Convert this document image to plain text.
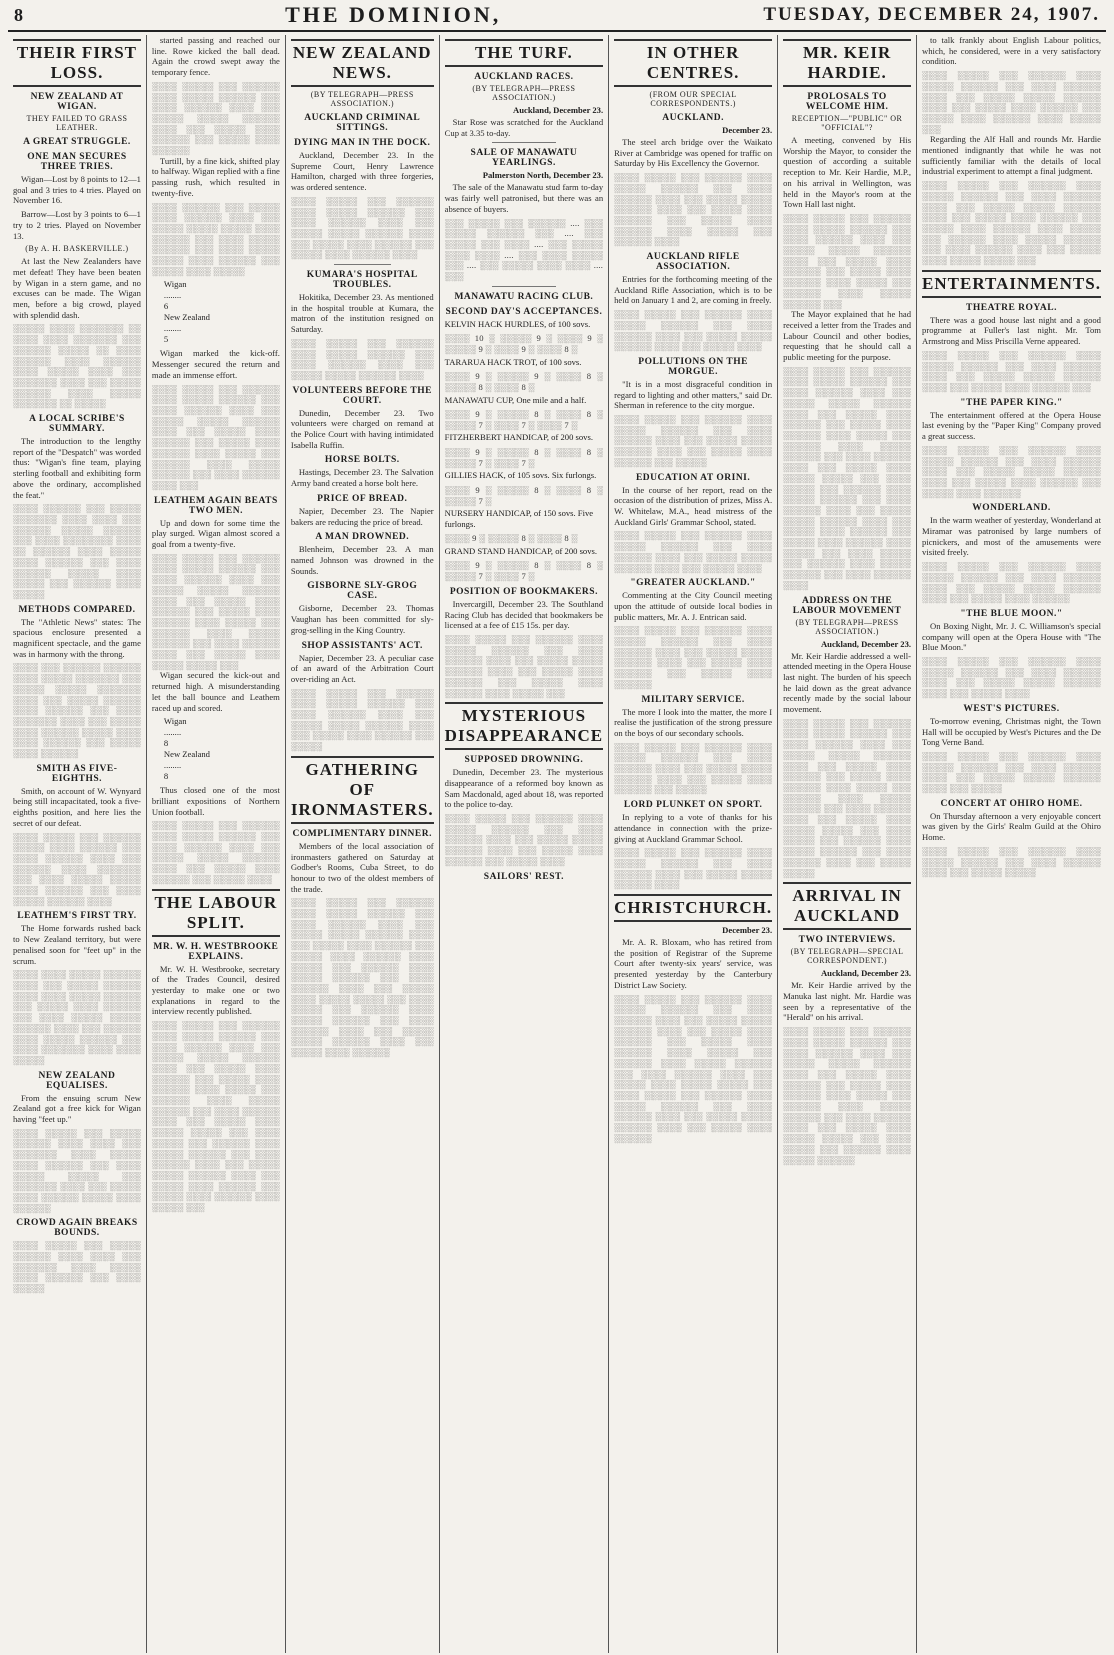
8	THE DOMINION,	TUESDAY, DECEMBER 24, 1907.
THEIR FIRST LOSS.
NEW ZEALAND AT WIGAN.
THEY FAILED TO GRASS LEATHER.
A GREAT STRUGGLE.
ONE MAN SECURES THREE TRIES.

Wigan—Lost by 8 points to 12—1 goal and 3 tries to 4 tries. Played on November 16.

Barrow—Lost by 3 points to 6—1 try to 2 tries. Played on November 13.

(By A. H. BASKERVILLE.)

At last the New Zealanders have met defeat! They have been beaten by Wigan in a stern game, and no excuses can be made. The Wigan men, before a big crowd, played with splendid dash.

░░░░░ ░░░░ ░░░░░░░ ░░ ░░░░ ░░░░ ░░░░░░░ ░░░ ░░░░░░ ░░░░░ ░░ ░░░░ ░░░░░░ ░░░░ ░░░░░░ ░░░░ ░░░░░ ░░░░ ░░░ ░░░░░░░ ░░░░ ░░░ ░░░░░ ░░░░░░ ░░░░ ░░░░░ ░░░░░░░ ░░ ░░░░░
A LOCAL SCRIBE'S SUMMARY.

The introduction to the lengthy report of the "Despatch" was worded thus: "Wigan's fine team, playing sterling football and exhibiting form above the ordinary, accomplished the feat."

░░░░ ░░░░░░ ░░░ ░░░░░ ░░░░░░░ ░░░░ ░░░░ ░░░ ░░░░░░ ░░░░░ ░░░░░░ ░░░ ░░░░ ░░░░░░░░ ░░░░ ░░ ░░░░░░ ░░░░ ░░░░░ ░░░░ ░░░░░░ ░░░ ░░░░ ░░░░░░ ░░░░░ ░░░░ ░░░░░ ░░░ ░░░░░░ ░░░░ ░░░░░
METHODS COMPARED.

The "Athletic News" states: The spacious enclosure presented a magnificent spectacle, and the game was in harmony with the throng.

░░░░ ░░░ ░░░░░░ ░░░░░░ ░░░░ ░░░░░ ░░░░░░░ ░░░ ░░░░░ ░░░░░ ░░░░░░░ ░░░░ ░░░ ░░░░░ ░░░░░░ ░░░░ ░░░░░░ ░░░ ░░░░ ░░░░░░░ ░░░░ ░░░ ░░░░░ ░░░░ ░░░░░░ ░░░░░ ░░░░ ░░░░ ░░░░░░ ░░░ ░░░░░ ░░░░ ░░░░░░
SMITH AS FIVE-EIGHTHS.

Smith, on account of W. Wynyard being still incapacitated, took a five-eighths position, and here lies the secret of our defeat.

░░░░ ░░░░░ ░░░ ░░░░░░ ░░░░░ ░░░░ ░░░░░░ ░░░ ░░░░ ░░░░░░ ░░░░ ░░░ ░░░░░░ ░░░░ ░░░░░░░ ░░░ ░░░░ ░░░░░ ░░░░░ ░░░░ ░░░░░░ ░░░ ░░░░ ░░░░░ ░░░░░░ ░░░░
LEATHEM'S FIRST TRY.

The Home forwards rushed back to New Zealand territory, but were penalised soon for "feet up" in the scrum.

░░░░ ░░░░ ░░░░░ ░░░░░░ ░░░░ ░░░ ░░░░░ ░░░░░░ ░░░░ ░░░░ ░░░░░ ░░░░░░ ░░░ ░░░░░ ░░░░ ░░░░░░ ░░░ ░░░░ ░░░░░ ░░░░░ ░░░░░░ ░░░░ ░░░ ░░░░░░ ░░░░ ░░░░░ ░░░░░░ ░░░ ░░░░ ░░░░░░░ ░░░░ ░░░░ ░░░░░
NEW ZEALAND EQUALISES.

From the ensuing scrum New Zealand got a free kick for Wigan having "feet up."

░░░░ ░░░░░ ░░░ ░░░░░ ░░░░░░ ░░░░ ░░░░ ░░░ ░░░░░░░ ░░░░ ░░░░░ ░░░░ ░░░░░░ ░░░ ░░░░ ░░░░░ ░░░░░ ░░░ ░░░░░░░ ░░░░ ░░░ ░░░░░ ░░░░ ░░░░░░ ░░░░░ ░░░░ ░░░░░░
CROWD AGAIN BREAKS BOUNDS.
░░░░ ░░░░░ ░░░ ░░░░░ ░░░░░░ ░░░░ ░░░░ ░░░ ░░░░░░░ ░░░░ ░░░░░ ░░░░ ░░░░░░ ░░░ ░░░░ ░░░░░

started passing and reached our line. Rowe kicked the ball dead. Again the crowd swept away the temporary fence.

░░░░ ░░░░░ ░░░ ░░░░░░ ░░░░ ░░░░░ ░░░░░░ ░░░ ░░░░ ░░░░░░ ░░░░ ░░░ ░░░░░ ░░░░░ ░░░░░░ ░░░░ ░░░ ░░░░░ ░░░░ ░░░░░░ ░░░ ░░░░░ ░░░░ ░░░░░░

Turtill, by a fine kick, shifted play to halfway. Wigan replied with a fine passing rush, which resulted in twenty-five.

░░░░ ░░░░░░ ░░░ ░░░░░ ░░░░ ░░░░░░ ░░░░ ░░░ ░░░░░ ░░░░░ ░░░░░ ░░░░ ░░░░░░ ░░░ ░░░░ ░░░░░ ░░░░░░ ░░░ ░░░░ ░░░░░ ░░░░░ ░░░░ ░░░░░░ ░░░ ░░░░░ ░░░░ ░░░░░
Wigan
........
6
New Zealand
........
5

Wigan marked the kick-off. Messenger secured the return and made an immense effort.

░░░░ ░░░░░ ░░░ ░░░░░░ ░░░░ ░░░░░ ░░░░░░ ░░░ ░░░░ ░░░░░░ ░░░░ ░░░ ░░░░░ ░░░░░ ░░░░░░ ░░░░ ░░░ ░░░░░ ░░░░ ░░░░░░ ░░░ ░░░░░ ░░░░ ░░░░░░ ░░░░ ░░░░░ ░░░ ░░░░░░ ░░░░ ░░░░░ ░░░░░░ ░░░ ░░░░ ░░░░░░ ░░░░ ░░░
LEATHEM AGAIN BEATS TWO MEN.

Up and down for some time the play surged. Wigan almost scored a goal from a twenty-five.

░░░░ ░░░░░ ░░░ ░░░░░░ ░░░░ ░░░░░ ░░░░░░ ░░░ ░░░░ ░░░░░░ ░░░░ ░░░ ░░░░░ ░░░░░ ░░░░░░ ░░░░ ░░░ ░░░░░ ░░░░ ░░░░░░ ░░░ ░░░░░ ░░░░ ░░░░░░ ░░░░ ░░░░░ ░░░ ░░░░░░ ░░░░ ░░░░░ ░░░░░░ ░░░ ░░░░ ░░░░░░ ░░░░ ░░░ ░░░░░ ░░░░ ░░░░░ ░░░░░ ░░░

Wigan secured the kick-out and returned high. A misunderstanding let the ball bounce and Leathem raced up and scored.

Wigan
........
8
New Zealand
........
8

Thus closed one of the most brilliant expositions of Northern Union football.

░░░░ ░░░░░ ░░░ ░░░░░░ ░░░░ ░░░░░ ░░░░░░ ░░░ ░░░░ ░░░░░░ ░░░░ ░░░ ░░░░░ ░░░░░ ░░░░░░ ░░░░ ░░░ ░░░░░ ░░░░ ░░░░░░ ░░░ ░░░░░ ░░░░
THE LABOUR SPLIT.
MR. W. H. WESTBROOKE EXPLAINS.

Mr. W. H. Westbrooke, secretary of the Trades Council, desired yesterday to make one or two explanations in regard to the interview recently published.

░░░░ ░░░░░ ░░░ ░░░░░░ ░░░░ ░░░░░ ░░░░░░ ░░░ ░░░░ ░░░░░░ ░░░░ ░░░ ░░░░░ ░░░░░ ░░░░░░ ░░░░ ░░░ ░░░░░ ░░░░ ░░░░░░ ░░░ ░░░░░ ░░░░ ░░░░░░ ░░░░ ░░░░░ ░░░ ░░░░░░ ░░░░ ░░░░░ ░░░░░░ ░░░ ░░░░ ░░░░░░ ░░░░ ░░░ ░░░░░ ░░░░ ░░░░░ ░░░░░ ░░░ ░░░░ ░░░░░ ░░░ ░░░░░░ ░░░░ ░░░░░ ░░░░░░ ░░░ ░░░░ ░░░░░░ ░░░░ ░░░ ░░░░░ ░░░░░ ░░░░░░ ░░░░ ░░░ ░░░░░ ░░░░ ░░░░░░ ░░░ ░░░░░ ░░░░ ░░░░░░ ░░░░ ░░░░░ ░░░
NEW ZEALAND NEWS.
(BY TELEGRAPH—PRESS ASSOCIATION.)
AUCKLAND CRIMINAL SITTINGS.
DYING MAN IN THE DOCK.

Auckland, December 23. In the Supreme Court, Henry Lawrence Hamilton, charged with three forgeries, was ordered sentence.

░░░░ ░░░░░ ░░░ ░░░░░░ ░░░░ ░░░░░ ░░░░░░ ░░░ ░░░░ ░░░░░░ ░░░░ ░░░ ░░░░░ ░░░░░ ░░░░░░ ░░░░ ░░░ ░░░░░ ░░░░ ░░░░░░ ░░░ ░░░░░ ░░░░ ░░░░░░ ░░░░
KUMARA'S HOSPITAL TROUBLES.

Hokitika, December 23. As mentioned in the hospital trouble at Kumara, the matron of the institution resigned on Saturday.

░░░░ ░░░░░ ░░░ ░░░░░░ ░░░░ ░░░░░ ░░░░░░ ░░░ ░░░░ ░░░░░░ ░░░░ ░░░ ░░░░░ ░░░░░ ░░░░░░ ░░░░
VOLUNTEERS BEFORE THE COURT.

Dunedin, December 23. Two volunteers were charged on remand at the Police Court with having intimidated Isabella Ruffin.

HORSE BOLTS.

Hastings, December 23. The Salvation Army band created a horse bolt here.

PRICE OF BREAD.

Napier, December 23. The Napier bakers are reducing the price of bread.

A MAN DROWNED.

Blenheim, December 23. A man named Johnson was drowned in the Sounds.

GISBORNE SLY-GROG CASE.

Gisborne, December 23. Thomas Vaughan has been committed for sly-grog-selling in the King Country.

SHOP ASSISTANTS' ACT.

Napier, December 23. A peculiar case of an award of the Arbitration Court over-riding an Act.

░░░░ ░░░░░ ░░░ ░░░░░░ ░░░░ ░░░░░ ░░░░░░ ░░░ ░░░░ ░░░░░░ ░░░░ ░░░ ░░░░░ ░░░░░ ░░░░░░ ░░░░ ░░░ ░░░░░ ░░░░ ░░░░░░ ░░░ ░░░░░
GATHERING OF IRONMASTERS.
COMPLIMENTARY DINNER.

Members of the local association of ironmasters gathered on Saturday at Godber's Rooms, Cuba Street, to do honour to two of the oldest members of the trade.

░░░░ ░░░░░ ░░░ ░░░░░░ ░░░░ ░░░░░ ░░░░░░ ░░░ ░░░░ ░░░░░░ ░░░░ ░░░ ░░░░░ ░░░░░ ░░░░░░ ░░░░ ░░░ ░░░░░ ░░░░ ░░░░░░ ░░░ ░░░░░ ░░░░ ░░░░░░ ░░░░ ░░░░░ ░░░ ░░░░░░ ░░░░ ░░░░░ ░░░░░░ ░░░ ░░░░ ░░░░░░ ░░░░ ░░░ ░░░░░ ░░░░ ░░░░░ ░░░░░ ░░░ ░░░░ ░░░░░ ░░░ ░░░░░░ ░░░░ ░░░░░ ░░░░░░ ░░░ ░░░░ ░░░░░░ ░░░░ ░░░ ░░░░░ ░░░░░ ░░░░░░ ░░░░ ░░░ ░░░░░ ░░░░ ░░░░░░
THE TURF.
AUCKLAND RACES.
(BY TELEGRAPH—PRESS ASSOCIATION.)
Auckland, December 23.

Star Rose was scratched for the Auckland Cup at 3.35 to-day.

SALE OF MANAWATU YEARLINGS.
Palmerston North, December 23.

The sale of the Manawatu stud farm to-day was fairly well patronised, but there was an absence of buyers.

░░░ ░░░░░ ░░░ ░░░░░░ .... ░░░ ░░░░░ ░░░░░░ ░░░ .... ░░░ ░░░░░ ░░░ ░░░░ .... ░░░ ░░░░░ ░░░░ ░░░░ .... ░░░ ░░░░ ░░░░░ ░░░ .... ░░░ ░░░░░ ░░░░ ░░░░ .... ░░░
MANAWATU RACING CLUB.
SECOND DAY'S ACCEPTANCES.
KELVIN HACK HURDLES, of 100 sovs.
░░░░ 10 ░ ░░░░░ 9 ░ ░░░░ 9 ░ ░░░░░ 9 ░ ░░░░ 9 ░ ░░░░ 8 ░
TARARUA HACK TROT, of 100 sovs.
░░░░ 9 ░ ░░░░░ 9 ░ ░░░░ 8 ░ ░░░░░ 8 ░ ░░░░ 8 ░
MANAWATU CUP, One mile and a half.
░░░░ 9 ░ ░░░░░ 8 ░ ░░░░ 8 ░ ░░░░░ 7 ░ ░░░░ 7 ░ ░░░░ 7 ░
FITZHERBERT HANDICAP, of 200 sovs.
░░░░ 9 ░ ░░░░░ 8 ░ ░░░░ 8 ░ ░░░░░ 7 ░ ░░░░ 7 ░
GILLIES HACK, of 105 sovs. Six furlongs.
░░░░ 9 ░ ░░░░░ 8 ░ ░░░░ 8 ░ ░░░░░ 7 ░
NURSERY HANDICAP, of 150 sovs. Five furlongs.
░░░░ 9 ░ ░░░░░ 8 ░ ░░░░ 8 ░
GRAND STAND HANDICAP, of 200 sovs.
░░░░ 9 ░ ░░░░░ 8 ░ ░░░░ 8 ░ ░░░░░ 7 ░ ░░░░ 7 ░
POSITION OF BOOKMAKERS.

Invercargill, December 23. The Southland Racing Club has decided that bookmakers be licensed at a fee of £15 15s. per day.

░░░░ ░░░░░ ░░░ ░░░░░░ ░░░░ ░░░░░ ░░░░░░ ░░░ ░░░░ ░░░░░░ ░░░░ ░░░ ░░░░░ ░░░░░ ░░░░░░ ░░░░ ░░░ ░░░░░ ░░░░ ░░░░░░ ░░░ ░░░░░ ░░░░ ░░░░░░ ░░░░ ░░░░░ ░░░
MYSTERIOUS DISAPPEARANCE
SUPPOSED DROWNING.

Dunedin, December 23. The mysterious disappearance of a reformed boy known as Sam Macdonald, aged about 18, was reported to the police to-day.

░░░░ ░░░░░ ░░░ ░░░░░░ ░░░░ ░░░░░ ░░░░░░ ░░░ ░░░░ ░░░░░░ ░░░░ ░░░ ░░░░░ ░░░░░ ░░░░░░ ░░░░ ░░░ ░░░░░ ░░░░ ░░░░░░ ░░░ ░░░░░ ░░░░
SAILORS' REST.
IN OTHER CENTRES.
(FROM OUR SPECIAL CORRESPONDENTS.)
AUCKLAND.
December 23.

The steel arch bridge over the Waikato River at Cambridge was opened for traffic on Saturday by His Excellency the Governor.

░░░░ ░░░░░ ░░░ ░░░░░░ ░░░░ ░░░░░ ░░░░░░ ░░░ ░░░░ ░░░░░░ ░░░░ ░░░ ░░░░░ ░░░░░ ░░░░░░ ░░░░ ░░░ ░░░░░ ░░░░ ░░░░░░ ░░░ ░░░░░ ░░░░ ░░░░░░ ░░░░ ░░░░░ ░░░ ░░░░░░ ░░░░
AUCKLAND RIFLE ASSOCIATION.

Entries for the forthcoming meeting of the Auckland Rifle Association, which is to be held on January 1 and 2, are coming in freely.

░░░░ ░░░░░ ░░░ ░░░░░░ ░░░░ ░░░░░ ░░░░░░ ░░░ ░░░░ ░░░░░░ ░░░░ ░░░ ░░░░░ ░░░░░ ░░░░░░ ░░░░ ░░░ ░░░░░ ░░░░
POLLUTIONS ON THE MORGUE.

"It is in a most disgraceful condition in regard to lighting and other matters," said Dr. Sherman in reference to the city morgue.

░░░░ ░░░░░ ░░░ ░░░░░░ ░░░░ ░░░░░ ░░░░░░ ░░░ ░░░░ ░░░░░░ ░░░░ ░░░ ░░░░░ ░░░░░ ░░░░░░ ░░░░ ░░░ ░░░░░ ░░░░ ░░░░░░ ░░░ ░░░░░
EDUCATION AT ORINI.

In the course of her report, read on the occasion of the distribution of prizes, Miss A. W. Whitelaw, M.A., head mistress of the Auckland Girls' Grammar School, stated.

░░░░ ░░░░░ ░░░ ░░░░░░ ░░░░ ░░░░░ ░░░░░░ ░░░ ░░░░ ░░░░░░ ░░░░ ░░░ ░░░░░ ░░░░░ ░░░░░░ ░░░░ ░░░ ░░░░░ ░░░░
"GREATER AUCKLAND."

Commenting at the City Council meeting upon the attitude of outside local bodies in public matters, Mr. A. J. Entrican said.

░░░░ ░░░░░ ░░░ ░░░░░░ ░░░░ ░░░░░ ░░░░░░ ░░░ ░░░░ ░░░░░░ ░░░░ ░░░ ░░░░░ ░░░░░ ░░░░░░ ░░░░ ░░░ ░░░░░ ░░░░ ░░░░░░ ░░░ ░░░░░ ░░░░ ░░░░░░
MILITARY SERVICE.

The more I look into the matter, the more I realise the justification of the strong pressure on the boys of our secondary schools.

░░░░ ░░░░░ ░░░ ░░░░░░ ░░░░ ░░░░░ ░░░░░░ ░░░ ░░░░ ░░░░░░ ░░░░ ░░░ ░░░░░ ░░░░░ ░░░░░░ ░░░░ ░░░ ░░░░░ ░░░░ ░░░░░░ ░░░ ░░░░░
LORD PLUNKET ON SPORT.

In replying to a vote of thanks for his attendance in connection with the prize-giving at Auckland Grammar School.

░░░░ ░░░░░ ░░░ ░░░░░░ ░░░░ ░░░░░ ░░░░░░ ░░░ ░░░░ ░░░░░░ ░░░░ ░░░ ░░░░░ ░░░░░ ░░░░░░ ░░░░
CHRISTCHURCH.
December 23.

Mr. A. R. Bloxam, who has retired from the position of Registrar of the Supreme Court after twenty-six years' service, was presented yesterday by the Canterbury District Law Society.

░░░░ ░░░░░ ░░░ ░░░░░░ ░░░░ ░░░░░ ░░░░░░ ░░░ ░░░░ ░░░░░░ ░░░░ ░░░ ░░░░░ ░░░░░ ░░░░░░ ░░░░ ░░░ ░░░░░ ░░░░ ░░░░░░ ░░░ ░░░░░ ░░░░ ░░░░░░ ░░░░ ░░░░░ ░░░ ░░░░░░ ░░░░ ░░░░░ ░░░░░░ ░░░ ░░░░ ░░░░░░ ░░░░ ░░░ ░░░░░ ░░░░ ░░░░░ ░░░░░ ░░░ ░░░░ ░░░░░ ░░░ ░░░░░░ ░░░░ ░░░░░ ░░░░░░ ░░░ ░░░░ ░░░░░░ ░░░░ ░░░ ░░░░░ ░░░░░ ░░░░░░ ░░░░ ░░░ ░░░░░ ░░░░ ░░░░░░
MR. KEIR HARDIE.
PROLOSALS TO WELCOME HIM.
RECEPTION—"PUBLIC" OR "OFFICIAL"?

A meeting, convened by His Worship the Mayor, to consider the question of according a suitable reception to Mr. Keir Hardie, M.P., on his arrival in Wellington, was held in the Mayor's room at the Town Hall last night.

░░░░ ░░░░░ ░░░ ░░░░░░ ░░░░ ░░░░░ ░░░░░░ ░░░ ░░░░ ░░░░░░ ░░░░ ░░░ ░░░░░ ░░░░░ ░░░░░░ ░░░░ ░░░ ░░░░░ ░░░░ ░░░░░░ ░░░ ░░░░░ ░░░░ ░░░░░░ ░░░░ ░░░░░ ░░░ ░░░░░░ ░░░░ ░░░░░ ░░░░░░ ░░░

The Mayor explained that he had received a letter from the Trades and Labour Council and other bodies, requesting that he should call a public meeting for the purpose.

░░░░ ░░░░░ ░░░ ░░░░░░ ░░░░ ░░░░░ ░░░░░░ ░░░ ░░░░ ░░░░░░ ░░░░ ░░░ ░░░░░ ░░░░░ ░░░░░░ ░░░░ ░░░ ░░░░░ ░░░░ ░░░░░░ ░░░ ░░░░░ ░░░░ ░░░░░░ ░░░░ ░░░░░ ░░░ ░░░░░░ ░░░░ ░░░░░ ░░░░░░ ░░░ ░░░░ ░░░░░░ ░░░░ ░░░ ░░░░░ ░░░░ ░░░░░ ░░░░░ ░░░ ░░░░ ░░░░░ ░░░ ░░░░░░ ░░░░ ░░░░░ ░░░░░░ ░░░ ░░░░ ░░░░░░ ░░░░ ░░░ ░░░░░ ░░░░░ ░░░░░░ ░░░░ ░░░ ░░░░░ ░░░░ ░░░░░░ ░░░ ░░░░░ ░░░░ ░░░░░░ ░░░░ ░░░░░ ░░░ ░░░░ ░░░░░ ░░░ ░░░░░░ ░░░░ ░░░░░ ░░░░░░ ░░░ ░░░░ ░░░░░░ ░░░░
ADDRESS ON THE LABOUR MOVEMENT
(BY TELEGRAPH—PRESS ASSOCIATION.)
Auckland, December 23.

Mr. Keir Hardie addressed a well-attended meeting in the Opera House last night. The burden of his speech he laid down as the great advance recently made by the social labour movement.

░░░░ ░░░░░ ░░░ ░░░░░░ ░░░░ ░░░░░ ░░░░░░ ░░░ ░░░░ ░░░░░░ ░░░░ ░░░ ░░░░░ ░░░░░ ░░░░░░ ░░░░ ░░░ ░░░░░ ░░░░ ░░░░░░ ░░░ ░░░░░ ░░░░ ░░░░░░ ░░░░ ░░░░░ ░░░ ░░░░░░ ░░░░ ░░░░░ ░░░░░░ ░░░ ░░░░ ░░░░░░ ░░░░ ░░░ ░░░░░ ░░░░ ░░░░░ ░░░░░ ░░░ ░░░░ ░░░░░ ░░░ ░░░░░░ ░░░░ ░░░░░ ░░░░░░ ░░░ ░░░░ ░░░░░░ ░░░░ ░░░ ░░░░░ ░░░░░
ARRIVAL IN AUCKLAND
TWO INTERVIEWS.
(BY TELEGRAPH—SPECIAL CORRESPONDENT.)
Auckland, December 23.

Mr. Keir Hardie arrived by the Manuka last night. Mr. Hardie was seen by a representative of the "Herald" on his arrival.

░░░░ ░░░░░ ░░░ ░░░░░░ ░░░░ ░░░░░ ░░░░░░ ░░░ ░░░░ ░░░░░░ ░░░░ ░░░ ░░░░░ ░░░░░ ░░░░░░ ░░░░ ░░░ ░░░░░ ░░░░ ░░░░░░ ░░░ ░░░░░ ░░░░ ░░░░░░ ░░░░ ░░░░░ ░░░ ░░░░░░ ░░░░ ░░░░░ ░░░░░░ ░░░ ░░░░ ░░░░░░ ░░░░ ░░░ ░░░░░ ░░░░ ░░░░░ ░░░░░ ░░░ ░░░░ ░░░░░ ░░░ ░░░░░░ ░░░░ ░░░░░ ░░░░░░

to talk frankly about English Labour politics, which, he considered, were in a very satisfactory condition.

░░░░ ░░░░░ ░░░ ░░░░░░ ░░░░ ░░░░░ ░░░░░░ ░░░ ░░░░ ░░░░░░ ░░░░ ░░░ ░░░░░ ░░░░░ ░░░░░░ ░░░░ ░░░ ░░░░░ ░░░░ ░░░░░░ ░░░ ░░░░░ ░░░░ ░░░░░░ ░░░░ ░░░░░ ░░░

Regarding the Alf Hall and rounds Mr. Hardie mentioned indignantly that while he was not sufficiently familiar with the details of local industrial experiment to attempt a final judgment.

░░░░ ░░░░░ ░░░ ░░░░░░ ░░░░ ░░░░░ ░░░░░░ ░░░ ░░░░ ░░░░░░ ░░░░ ░░░ ░░░░░ ░░░░░ ░░░░░░ ░░░░ ░░░ ░░░░░ ░░░░ ░░░░░░ ░░░ ░░░░░ ░░░░ ░░░░░░ ░░░░ ░░░░░ ░░░ ░░░░░░ ░░░░ ░░░░░ ░░░░░░ ░░░ ░░░░ ░░░░░░ ░░░░ ░░░ ░░░░░ ░░░░ ░░░░░ ░░░░░ ░░░
ENTERTAINMENTS.
THEATRE ROYAL.

There was a good house last night and a good programme at Fuller's last night. Mr. Tom Armstrong and Miss Priscilla Verne appeared.

░░░░ ░░░░░ ░░░ ░░░░░░ ░░░░ ░░░░░ ░░░░░░ ░░░ ░░░░ ░░░░░░ ░░░░ ░░░ ░░░░░ ░░░░░ ░░░░░░ ░░░░ ░░░ ░░░░░ ░░░░ ░░░░░░ ░░░
"THE PAPER KING."

The entertainment offered at the Opera House last evening by the "Paper King" Company proved a great success.

░░░░ ░░░░░ ░░░ ░░░░░░ ░░░░ ░░░░░ ░░░░░░ ░░░ ░░░░ ░░░░░░ ░░░░ ░░░ ░░░░░ ░░░░░ ░░░░░░ ░░░░ ░░░ ░░░░░ ░░░░ ░░░░░░ ░░░ ░░░░░ ░░░░ ░░░░░░
WONDERLAND.

In the warm weather of yesterday, Wonderland at Miramar was patronised by large numbers of picnickers, and most of the amusements were visited freely.

░░░░ ░░░░░ ░░░ ░░░░░░ ░░░░ ░░░░░ ░░░░░░ ░░░ ░░░░ ░░░░░░ ░░░░ ░░░ ░░░░░ ░░░░░ ░░░░░░ ░░░░ ░░░ ░░░░░ ░░░░ ░░░░░░
"THE BLUE MOON."

On Boxing Night, Mr. J. C. Williamson's special company will open at the Opera House with "The Blue Moon."

░░░░ ░░░░░ ░░░ ░░░░░░ ░░░░ ░░░░░ ░░░░░░ ░░░ ░░░░ ░░░░░░ ░░░░ ░░░ ░░░░░ ░░░░░ ░░░░░░ ░░░░ ░░░ ░░░░░ ░░░░
WEST'S PICTURES.

To-morrow evening, Christmas night, the Town Hall will be occupied by West's Pictures and the De Tong Verne Band.

░░░░ ░░░░░ ░░░ ░░░░░░ ░░░░ ░░░░░ ░░░░░░ ░░░ ░░░░ ░░░░░░ ░░░░ ░░░ ░░░░░ ░░░░░ ░░░░░░ ░░░░ ░░░ ░░░░░
CONCERT AT OHIRO HOME.

On Thursday afternoon a very enjoyable concert was given by the Girls' Realm Guild at the Ohiro Home.

░░░░ ░░░░░ ░░░ ░░░░░░ ░░░░ ░░░░░ ░░░░░░ ░░░ ░░░░ ░░░░░░ ░░░░ ░░░ ░░░░░ ░░░░░
